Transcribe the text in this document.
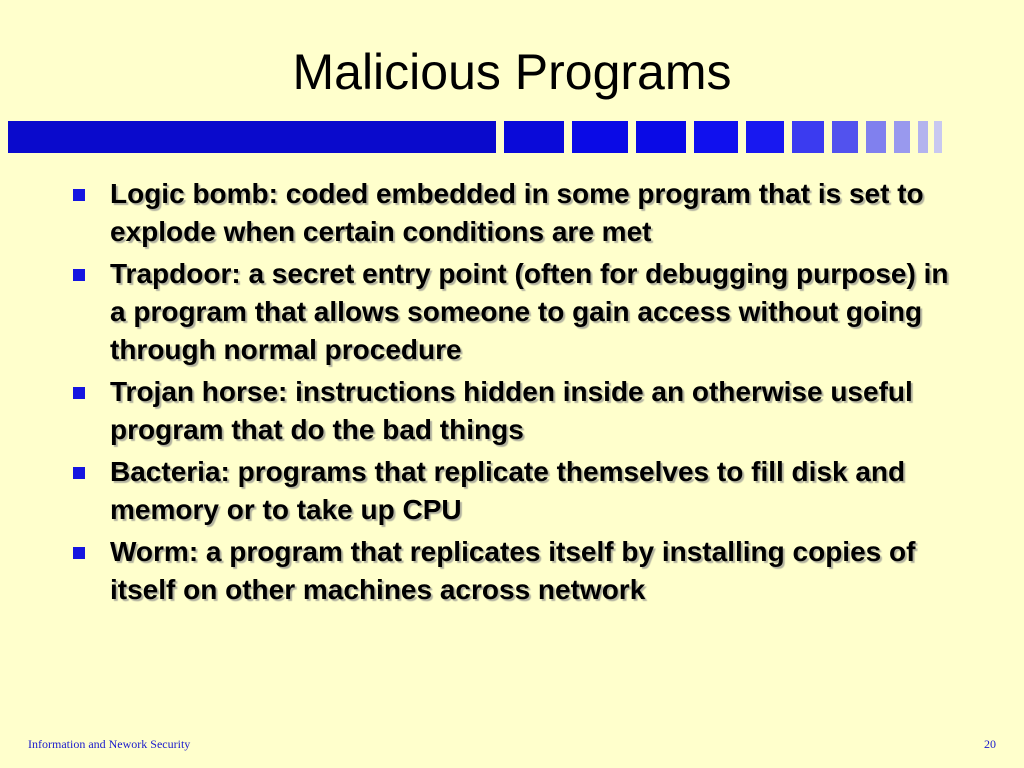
Malicious Programs
Logic bomb: coded embedded in some program that is set to explode when certain conditions are met
Trapdoor: a secret entry point (often for debugging purpose) in a program that allows someone to gain access without going through normal procedure
Trojan horse: instructions hidden inside an otherwise useful program that do the bad things
Bacteria: programs that replicate themselves to fill disk and memory or to take up CPU
Worm: a program that replicates itself by installing copies of itself on other machines across network
Information and Nework Security	20
